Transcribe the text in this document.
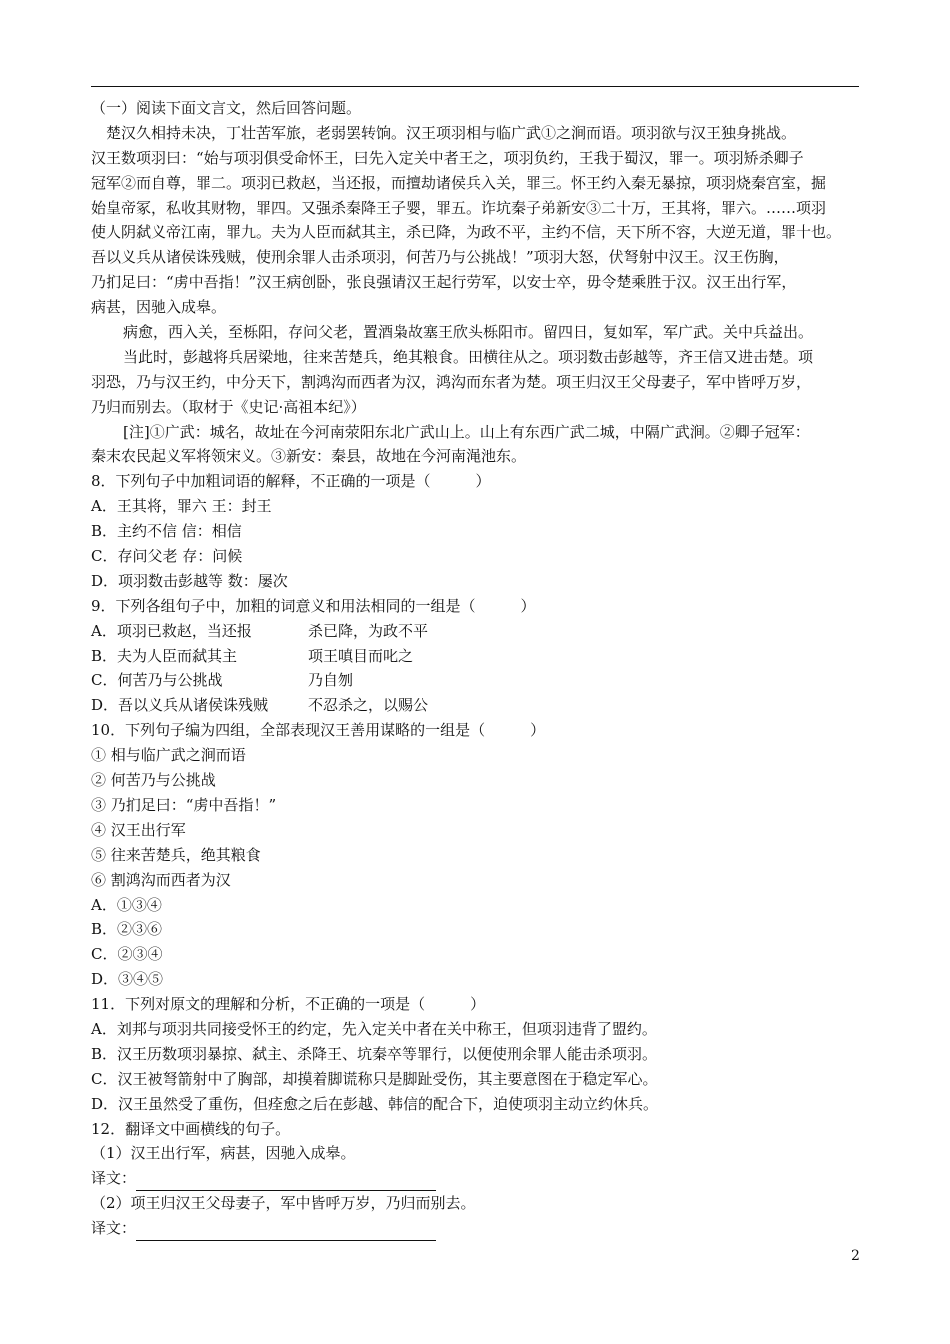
（一）阅读下面文言文，然后回答问题。
楚汉久相持未决，丁壮苦军旅，老弱罢转饷。汉王项羽相与临广武①之涧而语。项羽欲与汉王独身挑战。
汉王数项羽曰：“始与项羽俱受命怀王，曰先入定关中者王之，项羽负约，王我于蜀汉，罪一。项羽矫杀卿子
冠军②而自尊，罪二。项羽已救赵，当还报，而擅劫诸侯兵入关，罪三。怀王约入秦无暴掠，项羽烧秦宫室，掘
始皇帝冢，私收其财物，罪四。又强杀秦降王子婴，罪五。诈坑秦子弟新安③二十万，王其将，罪六。……项羽
使人阴弑义帝江南，罪九。夫为人臣而弑其主，杀已降，为政不平，主约不信，天下所不容，大逆无道，罪十也。
吾以义兵从诸侯诛残贼，使刑余罪人击杀项羽，何苦乃与公挑战！”项羽大怒，伏弩射中汉王。汉王伤胸，
乃扪足曰：“虏中吾指！”汉王病创卧，张良强请汉王起行劳军，以安士卒，毋令楚乘胜于汉。汉王出行军，
病甚，因驰入成皋。
病愈，西入关，至栎阳，存问父老，置酒枭故塞王欣头栎阳市。留四日，复如军，军广武。关中兵益出。
当此时，彭越将兵居梁地，往来苦楚兵，绝其粮食。田横往从之。项羽数击彭越等，齐王信又进击楚。项
羽恐，乃与汉王约，中分天下，割鸿沟而西者为汉，鸿沟而东者为楚。项王归汉王父母妻子，军中皆呼万岁，
乃归而别去。（取材于《史记·高祖本纪》）
[注]①广武：城名，故址在今河南荥阳东北广武山上。山上有东西广武二城，中隔广武涧。②卿子冠军：
秦末农民起义军将领宋义。③新安：秦县，故地在今河南渑池东。
8．下列句子中加粗词语的解释，不正确的一项是（　　　）
A．王其将，罪六 王：封王
B．主约不信 信：相信
C．存问父老 存：问候
D．项羽数击彭越等 数：屡次
9．下列各组句子中，加粗的词意义和用法相同的一组是（　　　）
A．项羽已救赵，当还报	杀已降，为政不平
B．夫为人臣而弑其主	项王嗔目而叱之
C．何苦乃与公挑战	乃自刎
D．吾以义兵从诸侯诛残贼	不忍杀之，以赐公
10．下列句子编为四组，全部表现汉王善用谋略的一组是（　　　）
① 相与临广武之涧而语
② 何苦乃与公挑战
③ 乃扪足曰：“虏中吾指！”
④ 汉王出行军
⑤ 往来苦楚兵，绝其粮食
⑥ 割鸿沟而西者为汉
A．①③④
B．②③⑥
C．②③④
D．③④⑤
11．下列对原文的理解和分析，不正确的一项是（　　　）
A．刘邦与项羽共同接受怀王的约定，先入定关中者在关中称王，但项羽违背了盟约。
B．汉王历数项羽暴掠、弑主、杀降王、坑秦卒等罪行，以便使刑余罪人能击杀项羽。
C．汉王被弩箭射中了胸部，却摸着脚谎称只是脚趾受伤，其主要意图在于稳定军心。
D．汉王虽然受了重伤，但痊愈之后在彭越、韩信的配合下，迫使项羽主动立约休兵。
12．翻译文中画横线的句子。
（1）汉王出行军，病甚，因驰入成皋。
译文：
（2）项王归汉王父母妻子，军中皆呼万岁，乃归而别去。
译文：
2
